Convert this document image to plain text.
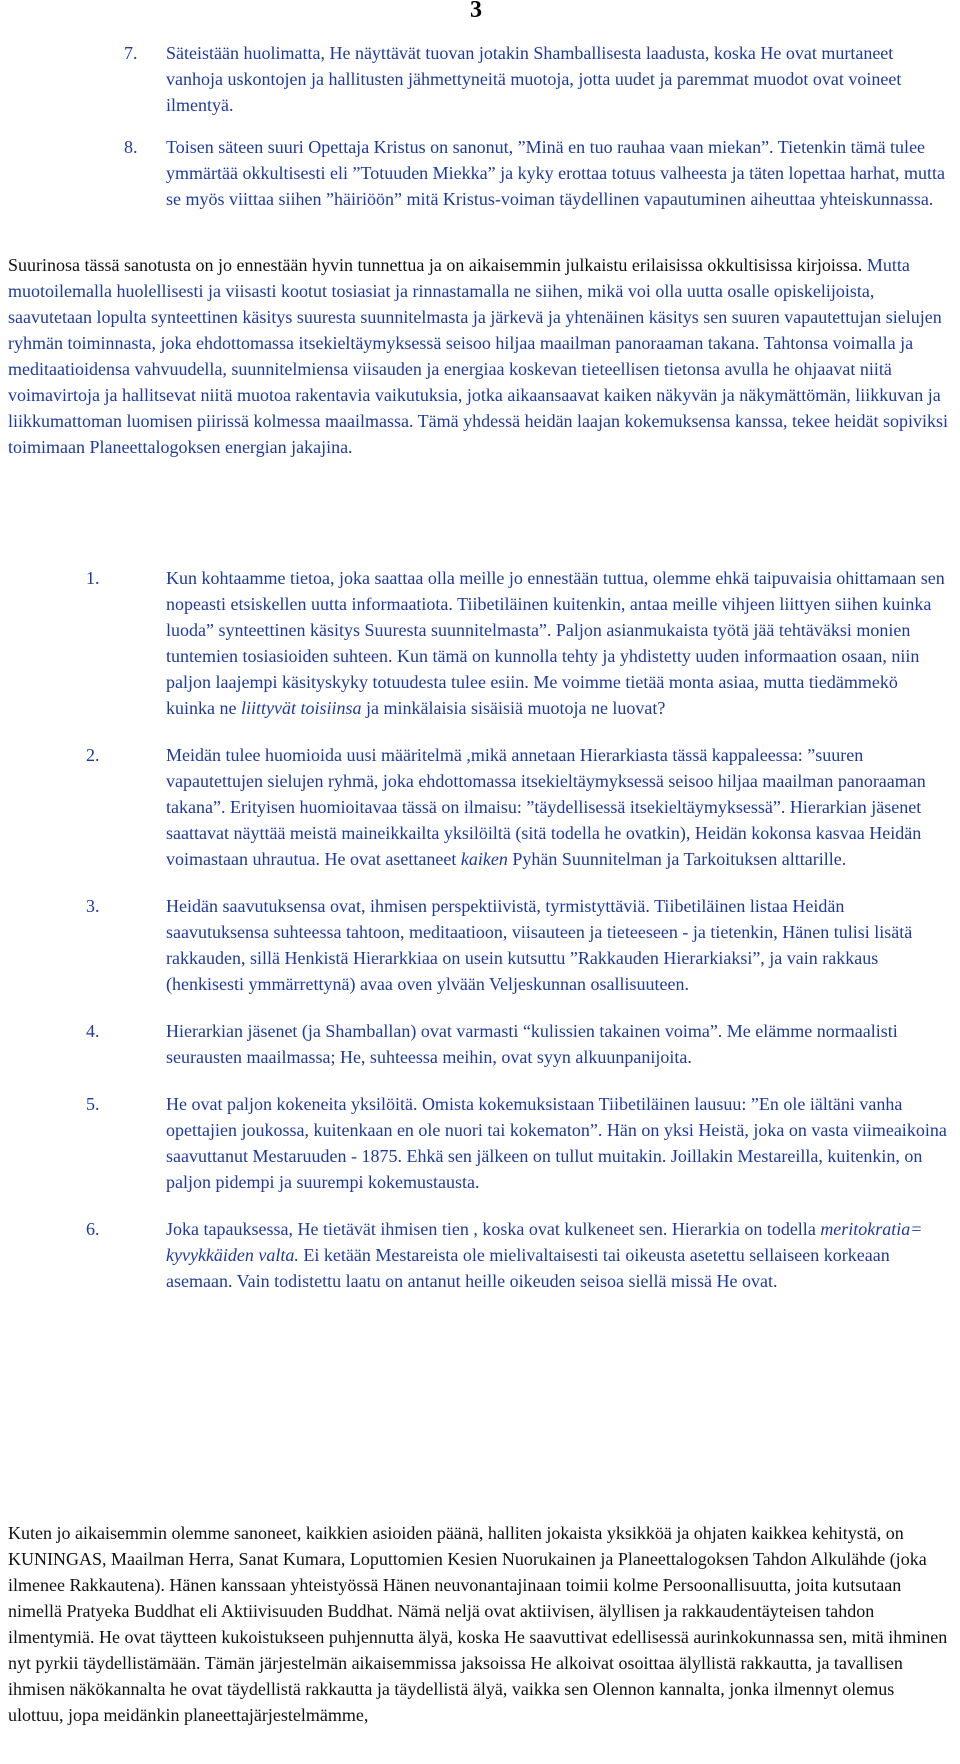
3
7. Säteistään huolimatta, He näyttävät tuovan jotakin Shamballisesta laadusta, koska He ovat murtaneet vanhoja uskontojen ja hallitusten jähmettyneitä muotoja, jotta uudet ja paremmat muodot ovat voineet ilmentyä.
8. Toisen säteen suuri Opettaja Kristus on sanonut, ”Minä en tuo rauhaa vaan miekan”. Tietenkin tämä tulee ymmärtää okkultisesti eli ”Totuuden Miekka” ja kyky erottaa totuus valheesta ja täten lopettaa harhat, mutta se myös viittaa siihen ”häiriöön” mitä Kristus-voiman täydellinen vapautuminen aiheuttaa yhteiskunnassa.
Suurinosa tässä sanotusta on jo ennestään hyvin tunnettua ja on aikaisemmin julkaistu erilaisissa okkultisissa kirjoissa. Mutta muotoilemalla huolellisesti ja viisasti kootut tosiasiat ja rinnastamalla ne siihen, mikä voi olla uutta osalle opiskelijoista, saavutetaan lopulta synteettinen käsitys suuresta suunnitelmasta ja järkevä ja yhtenäinen käsitys sen suuren vapautettujan sielujen ryhmän toiminnasta, joka ehdottomassa itsekieltäymyksessä seisoo hiljaa maailman panoraaman takana. Tahtonsa voimalla ja meditaatioidensa vahvuudella, suunnitelmiensa viisauden ja energiaa koskevan tieteellisen tietonsa avulla he ohjaavat niitä voimavirtoja ja hallitsevat niitä muotoa rakentavia vaikutuksia, jotka aikaansaavat kaiken näkyvän ja näkymättömän, liikkuvan ja liikkumattoman luomisen piirissä kolmessa maailmassa. Tämä yhdessä heidän laajan kokemuksensa kanssa, tekee heidät sopiviksi toimimaan Planeettalogoksen energian jakajina.
1.	Kun kohtaamme tietoa, joka saattaa olla meille jo ennestään tuttua, olemme ehkä taipuvaisia ohittamaan sen nopeasti etsiskellen uutta informaatiota. Tiibetiläinen kuitenkin, antaa meille vihjeen liittyen siihen kuinka luoda” synteettinen käsitys Suuresta suunnitelmasta”. Paljon asianmukaista työtä jää tehtäväksi monien tuntemien tosiasioiden suhteen. Kun tämä on kunnolla tehty ja yhdistetty uuden informaation osaan, niin paljon laajempi käsityskyky totuudesta tulee esiin. Me voimme tietää monta asiaa, mutta tiedämmekö kuinka ne liittyvät toisiinsa ja minkälaisia sisäisiä muotoja ne luovat?
2.	Meidän tulee huomioida uusi määritelmä ,mikä annetaan Hierarkiasta tässä kappaleessa: ”suuren vapautettujen sielujen ryhmä, joka ehdottomassa itsekieltäymyksessä seisoo hiljaa maailman panoraaman takana”. Erityisen huomioitavaa tässä on ilmaisu: ”täydellisessä itsekieltäymyksessä”. Hierarkian jäsenet saattavat näyttää meistä maineikkailta yksilöiltä (sitä todella he ovatkin), Heidän kokonsa kasvaa Heidän voimastaan uhrautua. He ovat asettaneet kaiken Pyhän Suunnitelman ja Tarkoituksen alttarille.
3.	Heidän saavutuksensa ovat, ihmisen perspektiivistä, tyrmistyttäviä. Tiibetiläinen listaa Heidän saavutuksensa suhteessa tahtoon, meditaatioon, viisauteen ja tieteeseen - ja tietenkin, Hänen tulisi lisätä rakkauden, sillä Henkistä Hierarkkiaa on usein kutsuttu ”Rakkauden Hierarkiaksi”, ja vain rakkaus (henkisesti ymmärrettynä) avaa oven ylvään Veljeskunnan osallisuuteen.
4.	Hierarkian jäsenet (ja Shamballan) ovat varmasti “kulissien takainen voima”. Me elämme normaalisti seurausten maailmassa; He, suhteessa meihin, ovat syyn alkuunpanijoita.
5.	He ovat paljon kokeneita yksilöitä. Omista kokemuksistaan Tiibetiläinen lausuu: ”En ole iältäni vanha opettajien joukossa, kuitenkaan en ole nuori tai kokematon”. Hän on yksi Heistä, joka on vasta viimeaikoina saavuttanut Mestaruuden - 1875. Ehkä sen jälkeen on tullut muitakin. Joillakin Mestareilla, kuitenkin, on paljon pidempi ja suurempi kokemustausta.
6.	Joka tapauksessa, He tietävät ihmisen tien , koska ovat kulkeneet sen. Hierarkia on todella meritokratia= kyvykkäiden valta. Ei ketään Mestareista ole mielivaltaisesti tai oikeusta asetettu sellaiseen korkeaan asemaan. Vain todistettu laatu on antanut heille oikeuden seisoa siellä missä He ovat.
Kuten jo aikaisemmin olemme sanoneet, kaikkien asioiden päänä, halliten jokaista yksikköä ja ohjaten kaikkea kehitystä, on KUNINGAS, Maailman Herra, Sanat Kumara, Loputtomien Kesien Nuorukainen ja Planeettalogoksen Tahdon Alkulähde (joka ilmenee Rakkautena). Hänen kanssaan yhteistyössä Hänen neuvonantajinaan toimii kolme Persoonallisuutta, joita kutsutaan nimellä Pratyeka Buddhat eli Aktiivisuuden Buddhat. Nämä neljä ovat aktiivisen, älyllisen ja rakkaudentäyteisen tahdon ilmentymiä. He ovat täytteen kukoistukseen puhjennutta älyä, koska He saavuttivat edellisessä aurinkokunnassa sen, mitä ihminen nyt pyrkii täydellistämään. Tämän järjestelmän aikaisemmissa jaksoissa He alkoivat osoittaa älyllistä rakkautta, ja tavallisen ihmisen näkökannalta he ovat täydellistä rakkautta ja täydellistä älyä, vaikka sen Olennon kannalta, jonka ilmennyt olemus ulottuu, jopa meidänkin planeettajärjestelmämme,
